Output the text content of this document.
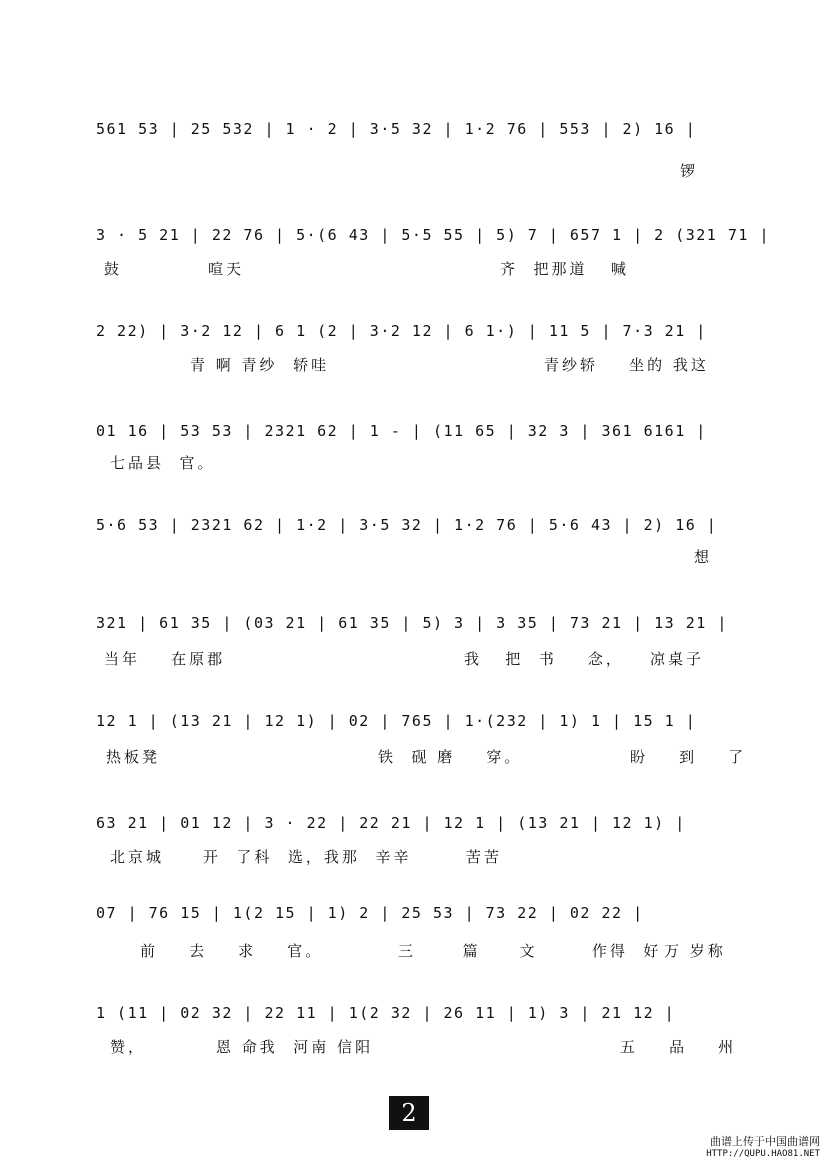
561 53 | 25 532 | 1 · 2 | 3·5 32 | 1·2 76 | 553 | 2) 16 |
锣
3 · 5 21 | 22 76 | 5·(6 43 | 5·5 55 | 5) 7 | 657 1 | 2 (321 71 |
鼓	喧天	齐  把那道   喊
2 22) | 3·2 12 | 6 1 (2 | 3·2 12 | 6 1·) | 11 5 | 7·3 21 |
青 啊 青纱  轿哇	青纱轿    坐的 我这
01 16 | 53 53 | 2321 62 | 1 - | (11 65 | 32 3 | 361 6161 |
七品县  官。
5·6 53 | 2321 62 | 1·2 | 3·5 32 | 1·2 76 | 5·6 43 | 2) 16 |
想
321 | 61 35 | (03 21 | 61 35 | 5) 3 | 3 35 | 73 21 | 13 21 |
当年    在原郡	我   把  书    念， 凉桌子
12 1 | (13 21 | 12 1) | 02 | 765 | 1·(232 | 1) 1 | 15 1 |
热板凳	铁  砚 磨    穿。	盼    到    了
63 21 | 01 12 | 3 · 22 | 22 21 | 12 1 | (13 21 | 12 1) |
北京城     开  了科  选，我那  辛辛       苦苦
07 | 76 15 | 1(2 15 | 1) 2 | 25 53 | 73 22 | 02 22 |
前    去    求    官。	三      篇     文       作得  好 万 岁称
1 (11 | 02 32 | 22 11 | 1(2 32 | 26 11 | 1) 3 | 21 12 |
赞，	恩 命我  河南 信阳	五    品    州
2
曲谱上传于中国曲谱网
HTTP://QUPU.HAO81.NET
